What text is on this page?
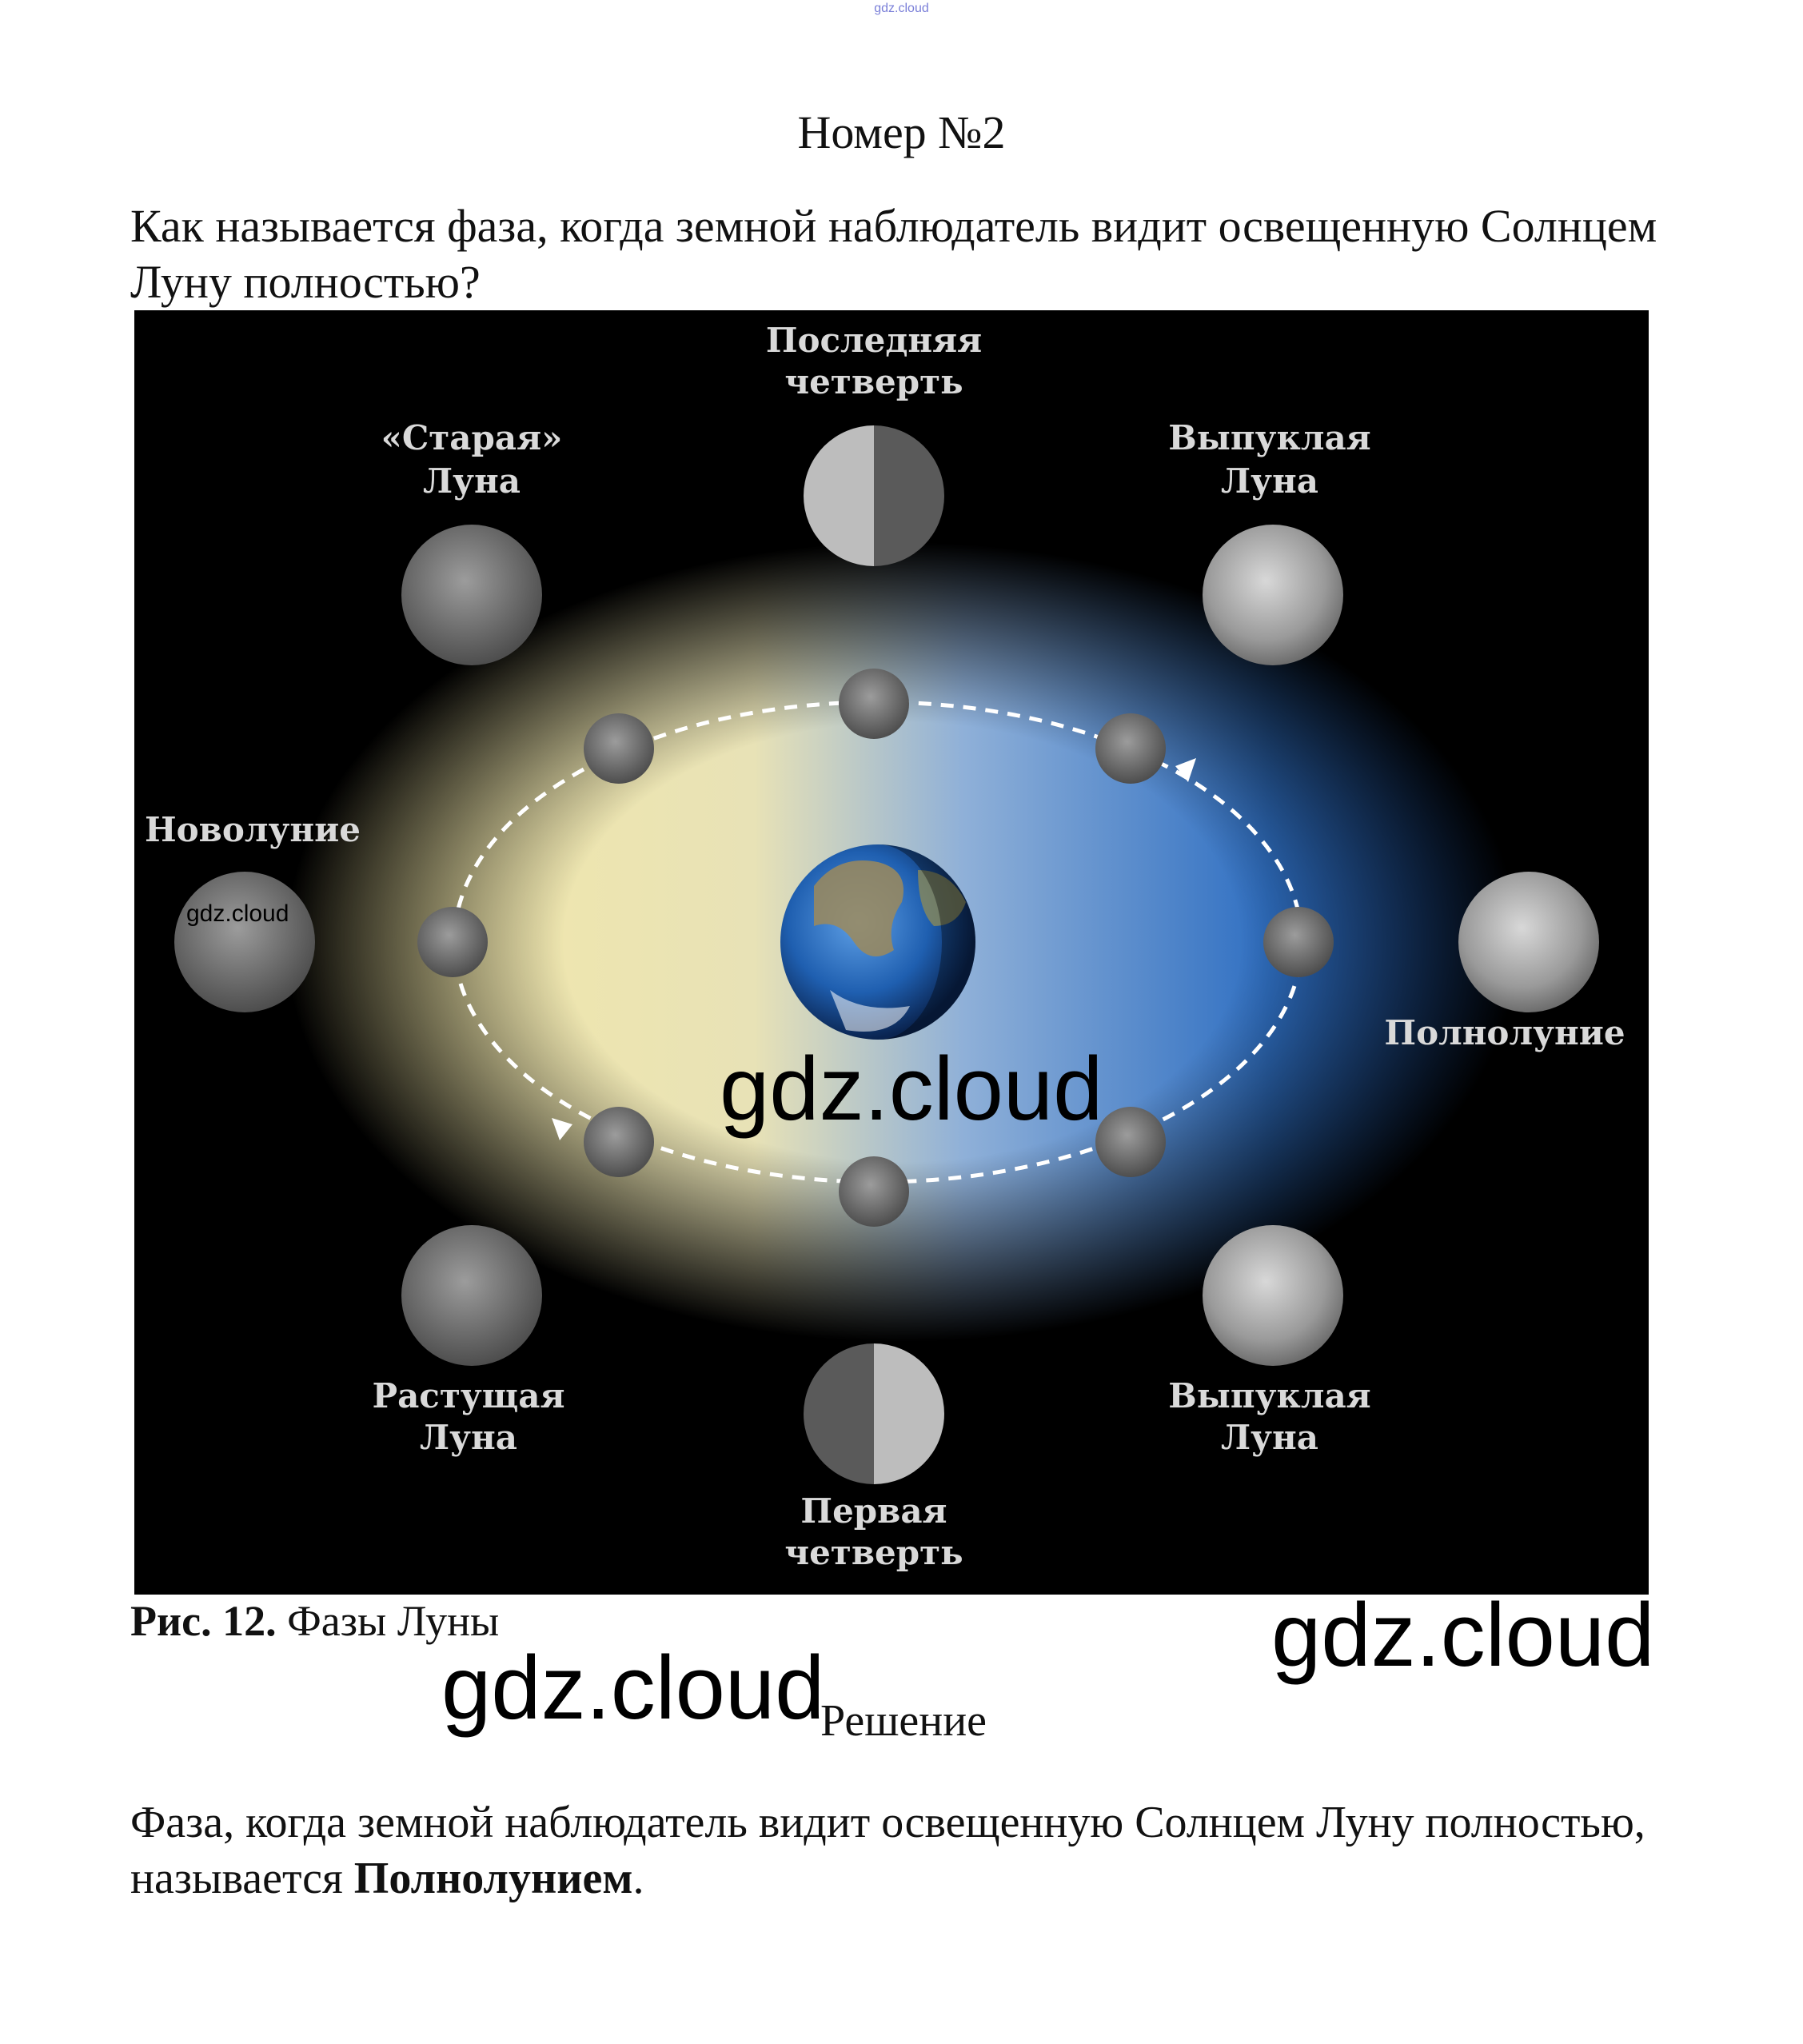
gdz.cloud
Номер №2
Как называется фаза, когда земной наблюдатель видит освещенную Солнцем Луну полностью?
Последняя
четверть
«Старая»
Луна
Выпуклая
Луна
Новолуние
Полнолуние
Растущая
Луна
Выпуклая
Луна
Первая
четверть
gdz.cloud
gdz.cloud
Рис. 12. Фазы Луны	gdz.cloud
gdz.cloud
Решение
Фаза, когда земной наблюдатель видит освещенную Солнцем Луну полностью, называется Полнолунием.
